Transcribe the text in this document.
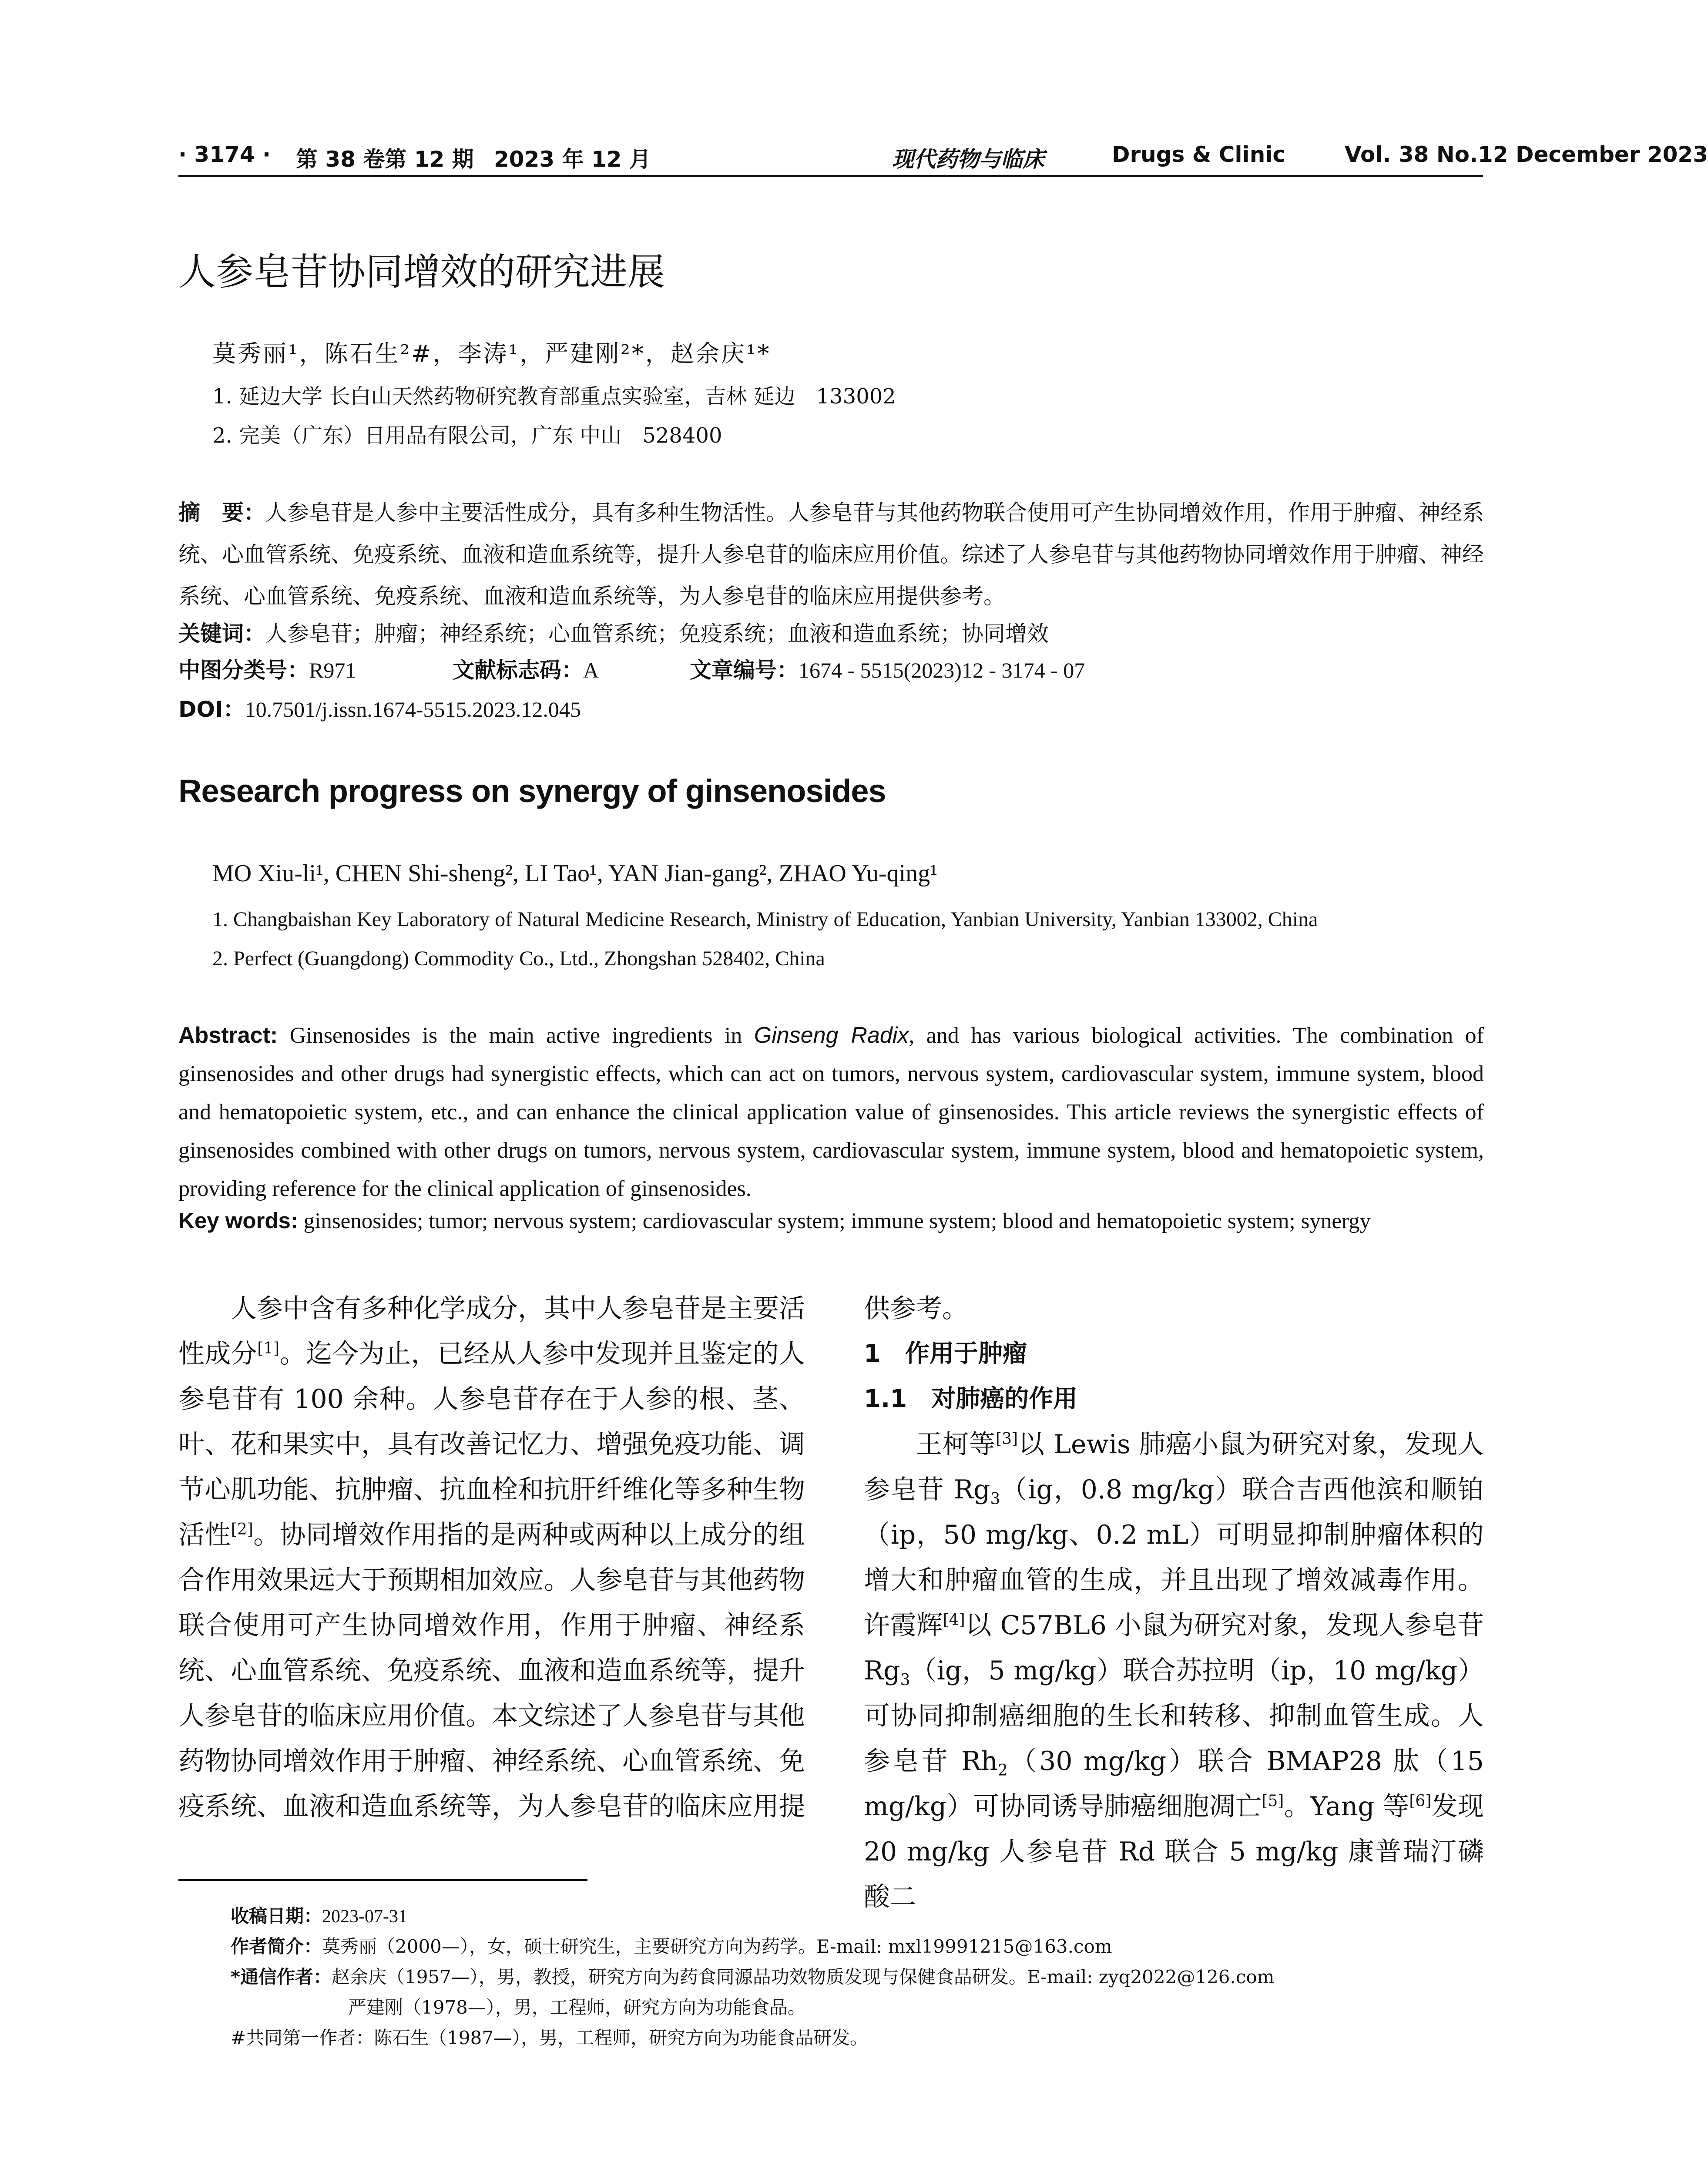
· 3174 · 第 38 卷第 12 期 2023 年 12 月	现代药物与临床	Drugs & Clinic	Vol. 38 No.12 December 2023
人参皂苷协同增效的研究进展
莫秀丽¹，陈石生²#，李涛¹，严建刚²*，赵余庆¹*
1. 延边大学 长白山天然药物研究教育部重点实验室，吉林 延边　133002
2. 完美（广东）日用品有限公司，广东 中山　528400
摘　要：人参皂苷是人参中主要活性成分，具有多种生物活性。人参皂苷与其他药物联合使用可产生协同增效作用，作用于肿瘤、神经系统、心血管系统、免疫系统、血液和造血系统等，提升人参皂苷的临床应用价值。综述了人参皂苷与其他药物协同增效作用于肿瘤、神经系统、心血管系统、免疫系统、血液和造血系统等，为人参皂苷的临床应用提供参考。
关键词：人参皂苷；肿瘤；神经系统；心血管系统；免疫系统；血液和造血系统；协同增效
中图分类号：R971	文献标志码：A	文章编号：1674 - 5515(2023)12 - 3174 - 07
DOI：10.7501/j.issn.1674-5515.2023.12.045
Research progress on synergy of ginsenosides
MO Xiu-li¹, CHEN Shi-sheng², LI Tao¹, YAN Jian-gang², ZHAO Yu-qing¹
1. Changbaishan Key Laboratory of Natural Medicine Research, Ministry of Education, Yanbian University, Yanbian 133002, China
2. Perfect (Guangdong) Commodity Co., Ltd., Zhongshan 528402, China
Abstract: Ginsenosides is the main active ingredients in Ginseng Radix, and has various biological activities. The combination of ginsenosides and other drugs had synergistic effects, which can act on tumors, nervous system, cardiovascular system, immune system, blood and hematopoietic system, etc., and can enhance the clinical application value of ginsenosides. This article reviews the synergistic effects of ginsenosides combined with other drugs on tumors, nervous system, cardiovascular system, immune system, blood and hematopoietic system, providing reference for the clinical application of ginsenosides.
Key words: ginsenosides; tumor; nervous system; cardiovascular system; immune system; blood and hematopoietic system; synergy

人参中含有多种化学成分，其中人参皂苷是主要活性成分[1]。迄今为止，已经从人参中发现并且鉴定的人参皂苷有 100 余种。人参皂苷存在于人参的根、茎、叶、花和果实中，具有改善记忆力、增强免疫功能、调节心肌功能、抗肿瘤、抗血栓和抗肝纤维化等多种生物活性[2]。协同增效作用指的是两种或两种以上成分的组合作用效果远大于预期相加效应。人参皂苷与其他药物联合使用可产生协同增效作用，作用于肿瘤、神经系统、心血管系统、免疫系统、血液和造血系统等，提升人参皂苷的临床应用价值。本文综述了人参皂苷与其他药物协同增效作用于肿瘤、神经系统、心血管系统、免疫系统、血液和造血系统等，为人参皂苷的临床应用提

供参考。

1　作用于肿瘤
1.1　对肺癌的作用

王柯等[3]以 Lewis 肺癌小鼠为研究对象，发现人参皂苷 $Rg_3(ig$，0.8 mg/kg）联合吉西他滨和顺铂（ip，50 mg/kg、0.2 mL）可明显抑制肿瘤体积的增大和肿瘤血管的生成，并且出现了增效减毒作用。许霞辉[4]以 C57BL6 小鼠为研究对象，发现人参皂苷 $Rg_3(ig$，5 mg/kg）联合苏拉明（ip，10 mg/kg）可协同抑制癌细胞的生长和转移、抑制血管生成。人参皂苷 $Rh_2(30$ mg/kg）联合 BMAP28 肽（15 mg/kg）可协同诱导肺癌细胞凋亡[5]。Yang 等[6]发现 20 mg/kg 人参皂苷 Rd 联合 5 mg/kg 康普瑞汀磷酸二

收稿日期：2023-07-31
作者简介：莫秀丽（2000—），女，硕士研究生，主要研究方向为药学。E-mail: mxl19991215@163.com
*通信作者：赵余庆（1957—），男，教授，研究方向为药食同源品功效物质发现与保健食品研发。E-mail: zyq2022@126.com
严建刚（1978—），男，工程师，研究方向为功能食品。
#共同第一作者：陈石生（1987—），男，工程师，研究方向为功能食品研发。
